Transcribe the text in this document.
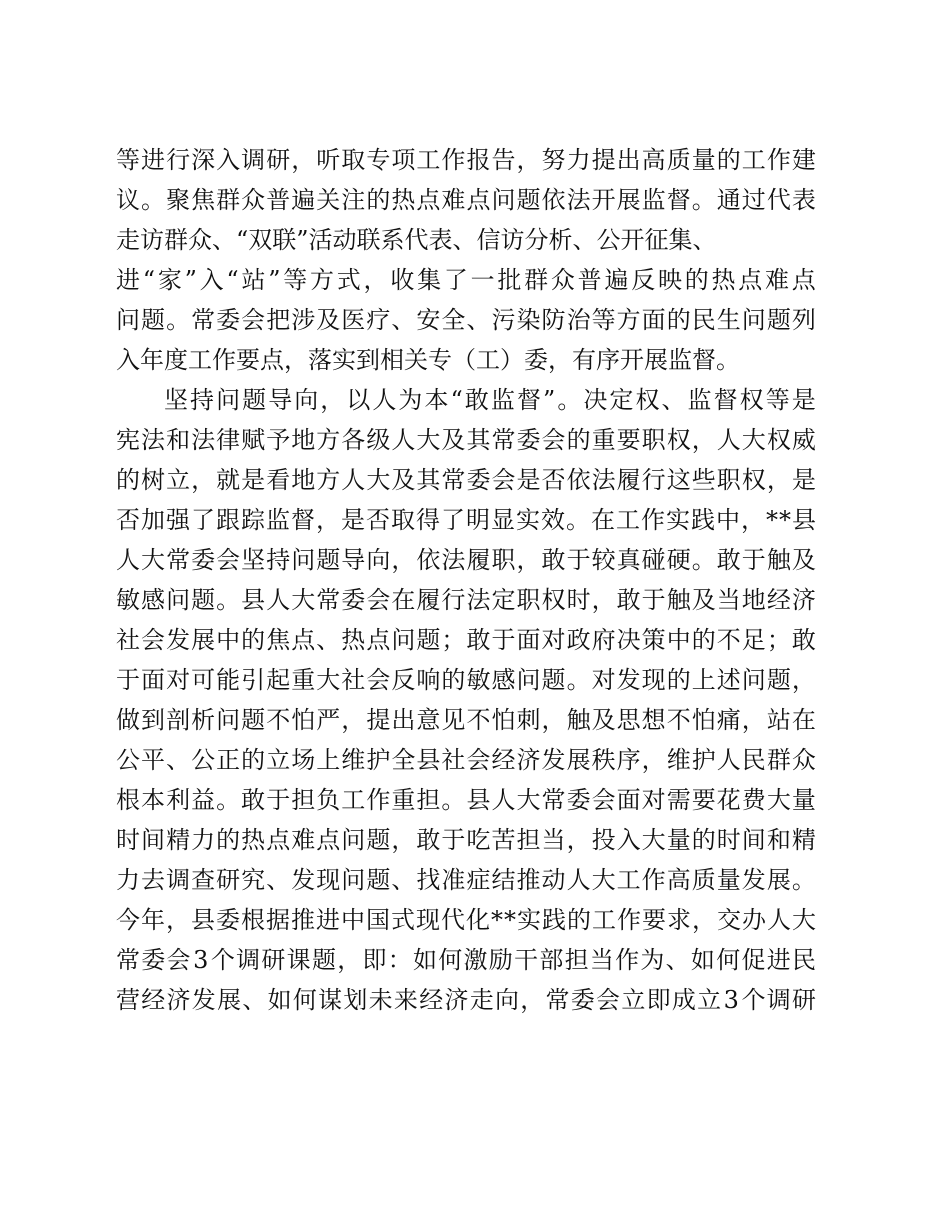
等 进 行 深 入 调 研 ， 听 取 专 项 工 作 报 告 ， 努 力 提 出 高 质 量 的 工 作 建
议 。 聚 焦 群 众 普 遍 关 注 的 热 点 难 点 问 题 依 法 开 展 监 督 。 通 过 代 表
走访群众、“双联”活动联系代表、信访分析、公开征集、
进 “ 家 ” 入 “ 站 ” 等 方 式 ， 收 集 了 一 批 群 众 普 遍 反 映 的 热 点 难 点
问 题 。 常 委 会 把 涉 及 医 疗 、 安 全 、 污 染 防 治 等 方 面 的 民 生 问 题 列
入年度工作要点，落实到相关专（工）委，有序开展监督。
坚 持 问 题 导 向 ， 以 人 为 本 “ 敢 监 督 ” 。 决 定 权 、 监 督 权 等 是
宪 法 和 法 律 赋 予 地 方 各 级 人 大 及 其 常 委 会 的 重 要 职 权 ， 人 大 权 威
的 树 立 ， 就 是 看 地 方 人 大 及 其 常 委 会 是 否 依 法 履 行 这 些 职 权 ， 是
否 加 强 了 跟 踪 监 督 ， 是 否 取 得 了 明 显 实 效 。 在 工 作 实 践 中 ， * * 县
人 大 常 委 会 坚 持 问 题 导 向 ， 依 法 履 职 ， 敢 于 较 真 碰 硬 。 敢 于 触 及
敏 感 问 题 。 县 人 大 常 委 会 在 履 行 法 定 职 权 时 ， 敢 于 触 及 当 地 经 济
社 会 发 展 中 的 焦 点 、 热 点 问 题 ； 敢 于 面 对 政 府 决 策 中 的 不 足 ； 敢
于 面 对 可 能 引 起 重 大 社 会 反 响 的 敏 感 问 题 。 对 发 现 的 上 述 问 题 ，
做 到 剖 析 问 题 不 怕 严 ， 提 出 意 见 不 怕 刺 ， 触 及 思 想 不 怕 痛 ， 站 在
公 平 、 公 正 的 立 场 上 维 护 全 县 社 会 经 济 发 展 秩 序 ， 维 护 人 民 群 众
根 本 利 益 。 敢 于 担 负 工 作 重 担 。 县 人 大 常 委 会 面 对 需 要 花 费 大 量
时 间 精 力 的 热 点 难 点 问 题 ， 敢 于 吃 苦 担 当 ， 投 入 大 量 的 时 间 和 精
力 去 调 查 研 究 、 发 现 问 题 、 找 准 症 结 推 动 人 大 工 作 高 质 量 发 展 。
今 年 ， 县 委 根 据 推 进 中 国 式 现 代 化 * * 实 践 的 工 作 要 求 ， 交 办 人 大
常 委 会 3 个 调 研 课 题 ， 即 ： 如 何 激 励 干 部 担 当 作 为 、 如 何 促 进 民
营 经 济 发 展 、 如 何 谋 划 未 来 经 济 走 向 ， 常 委 会 立 即 成 立 3 个 调 研
